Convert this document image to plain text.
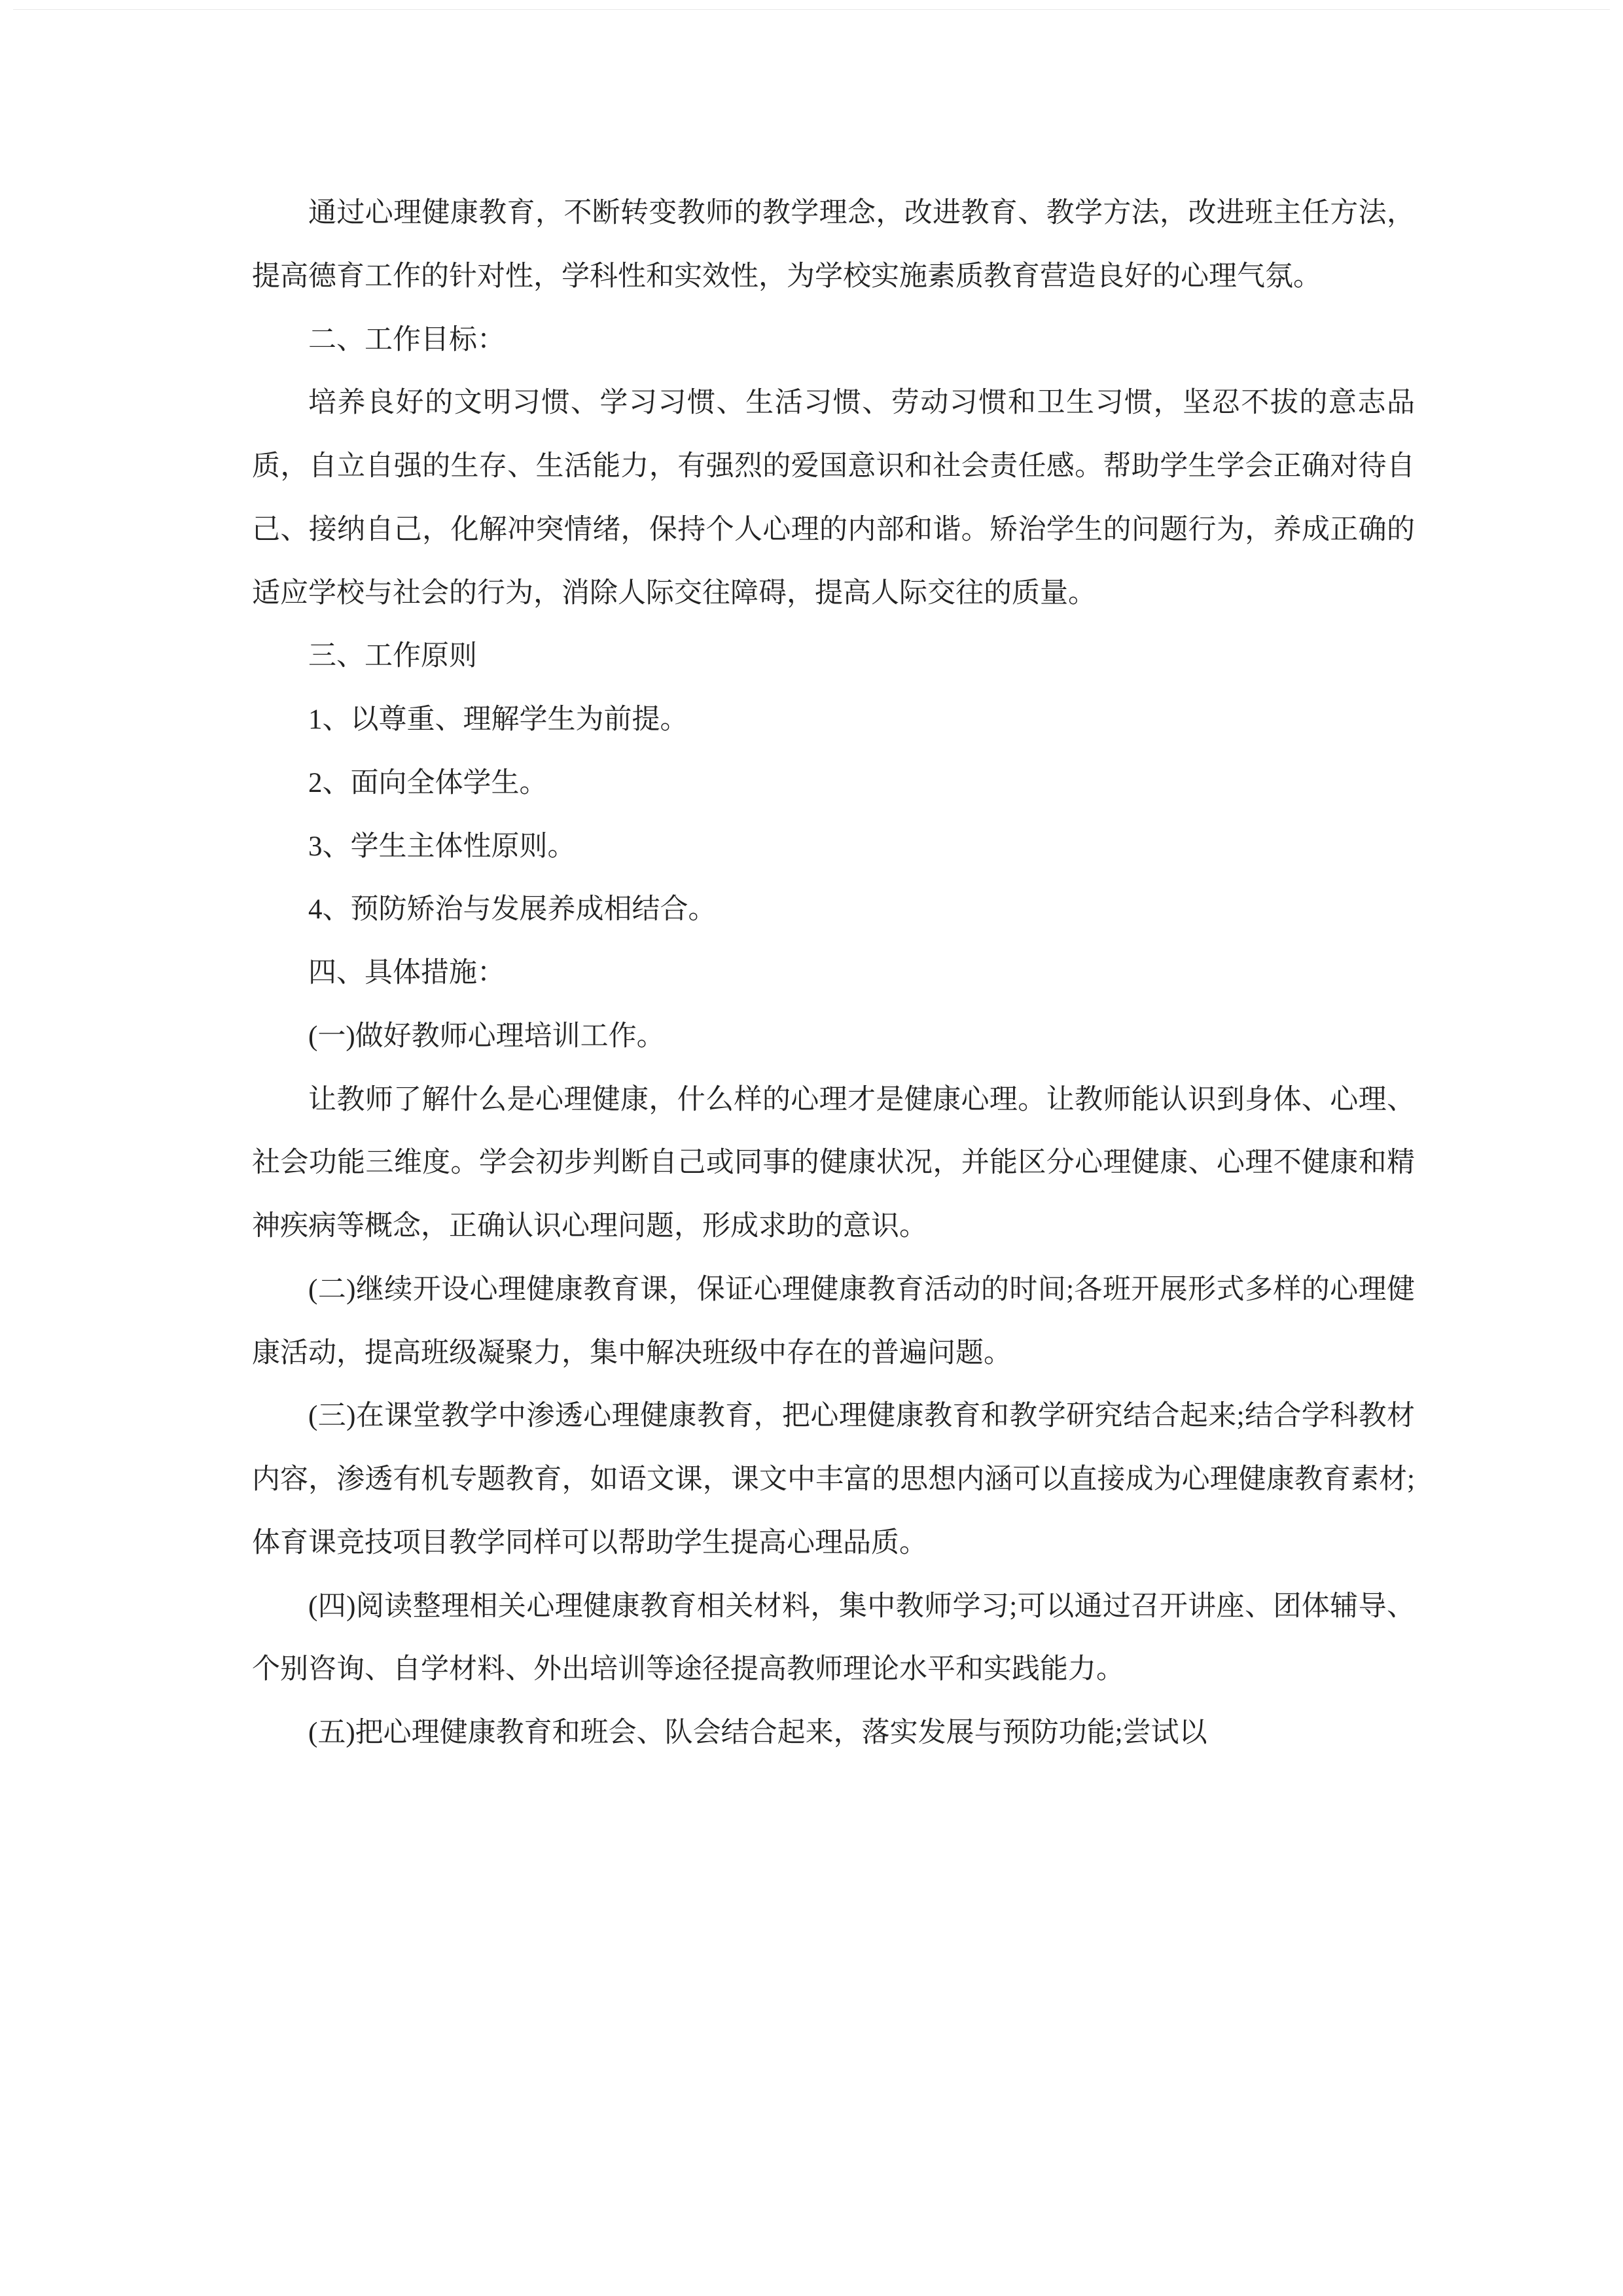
通过心理健康教育，不断转变教师的教学理念，改进教育、教学方法，改进班主任方法，提高德育工作的针对性，学科性和实效性，为学校实施素质教育营造良好的心理气氛。

二、工作目标：

培养良好的文明习惯、学习习惯、生活习惯、劳动习惯和卫生习惯，坚忍不拔的意志品质，自立自强的生存、生活能力，有强烈的爱国意识和社会责任感。帮助学生学会正确对待自己、接纳自己，化解冲突情绪，保持个人心理的内部和谐。矫治学生的问题行为，养成正确的适应学校与社会的行为，消除人际交往障碍，提高人际交往的质量。

三、工作原则

1、以尊重、理解学生为前提。

2、面向全体学生。

3、学生主体性原则。

4、预防矫治与发展养成相结合。

四、具体措施：

(一)做好教师心理培训工作。

让教师了解什么是心理健康，什么样的心理才是健康心理。让教师能认识到身体、心理、社会功能三维度。学会初步判断自己或同事的健康状况，并能区分心理健康、心理不健康和精神疾病等概念，正确认识心理问题，形成求助的意识。

(二)继续开设心理健康教育课，保证心理健康教育活动的时间;各班开展形式多样的心理健康活动，提高班级凝聚力，集中解决班级中存在的普遍问题。

(三)在课堂教学中渗透心理健康教育，把心理健康教育和教学研究结合起来;结合学科教材内容，渗透有机专题教育，如语文课，课文中丰富的思想内涵可以直接成为心理健康教育素材;体育课竞技项目教学同样可以帮助学生提高心理品质。

(四)阅读整理相关心理健康教育相关材料，集中教师学习;可以通过召开讲座、团体辅导、个别咨询、自学材料、外出培训等途径提高教师理论水平和实践能力。

(五)把心理健康教育和班会、队会结合起来，落实发展与预防功能;尝试以
